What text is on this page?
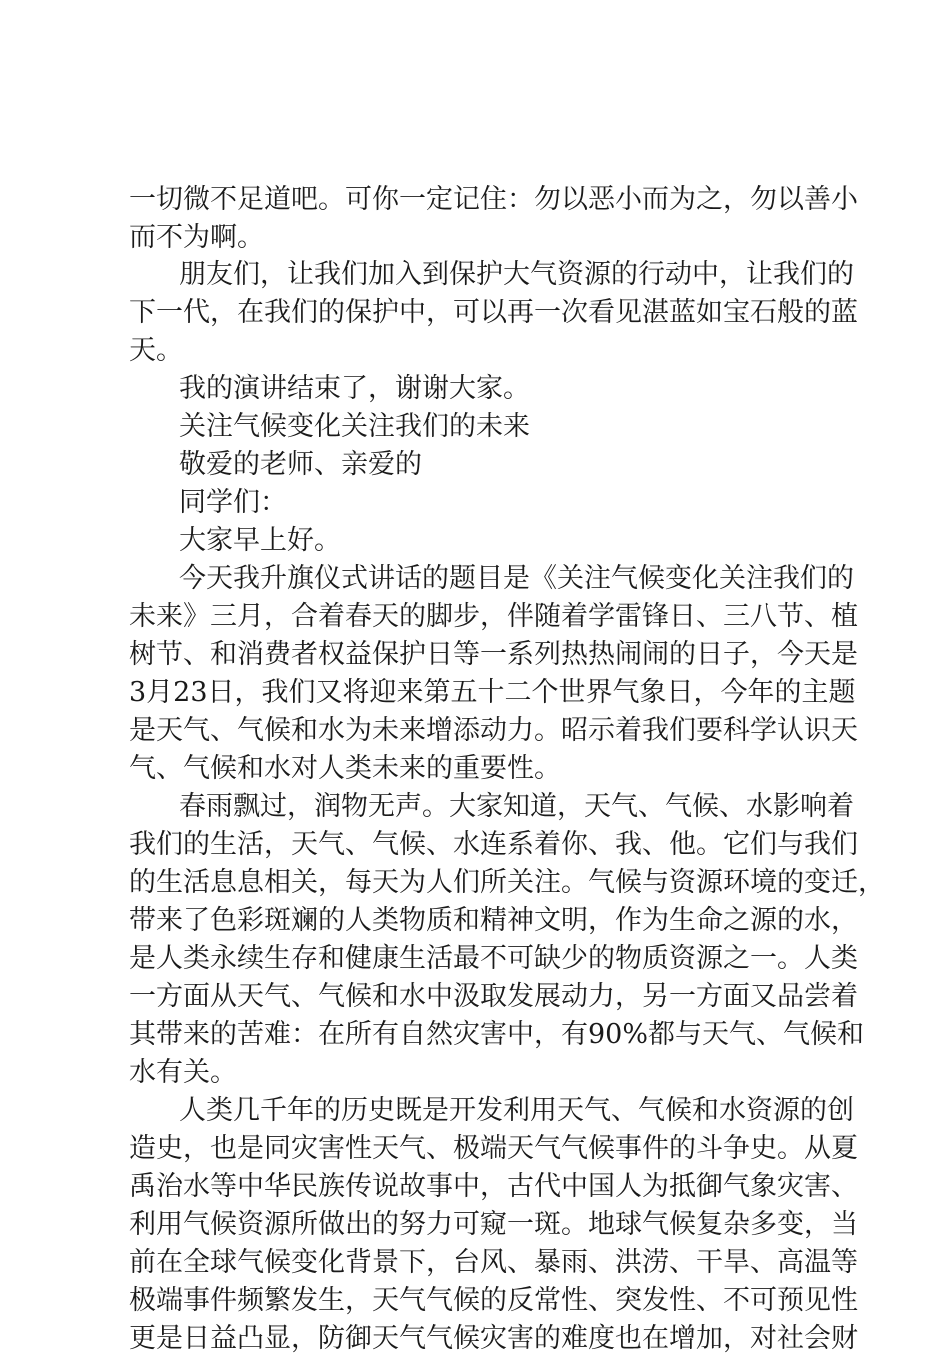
一切微不足道吧。可你一定记住：勿以恶小而为之，勿以善小
而不为啊。
朋友们，让我们加入到保护大气资源的行动中，让我们的
下一代，在我们的保护中，可以再一次看见湛蓝如宝石般的蓝
天。
我的演讲结束了，谢谢大家。
关注气候变化关注我们的未来
敬爱的老师、亲爱的
同学们：
大家早上好。
今天我升旗仪式讲话的题目是《关注气候变化关注我们的
未来》三月，合着春天的脚步，伴随着学雷锋日、三八节、植
树节、和消费者权益保护日等一系列热热闹闹的日子，今天是
3月23日，我们又将迎来第五十二个世界气象日，今年的主题
是天气、气候和水为未来增添动力。昭示着我们要科学认识天
气、气候和水对人类未来的重要性。
春雨飘过，润物无声。大家知道，天气、气候、水影响着
我们的生活，天气、气候、水连系着你、我、他。它们与我们
的生活息息相关，每天为人们所关注。气候与资源环境的变迁，
带来了色彩斑斓的人类物质和精神文明，作为生命之源的水，
是人类永续生存和健康生活最不可缺少的物质资源之一。人类
一方面从天气、气候和水中汲取发展动力，另一方面又品尝着
其带来的苦难：在所有自然灾害中，有90%都与天气、气候和
水有关。
人类几千年的历史既是开发利用天气、气候和水资源的创
造史，也是同灾害性天气、极端天气气候事件的斗争史。从夏
禹治水等中华民族传说故事中，古代中国人为抵御气象灾害、
利用气候资源所做出的努力可窥一斑。地球气候复杂多变，当
前在全球气候变化背景下，台风、暴雨、洪涝、干旱、高温等
极端事件频繁发生，天气气候的反常性、突发性、不可预见性
更是日益凸显，防御天气气候灾害的难度也在增加，对社会财
